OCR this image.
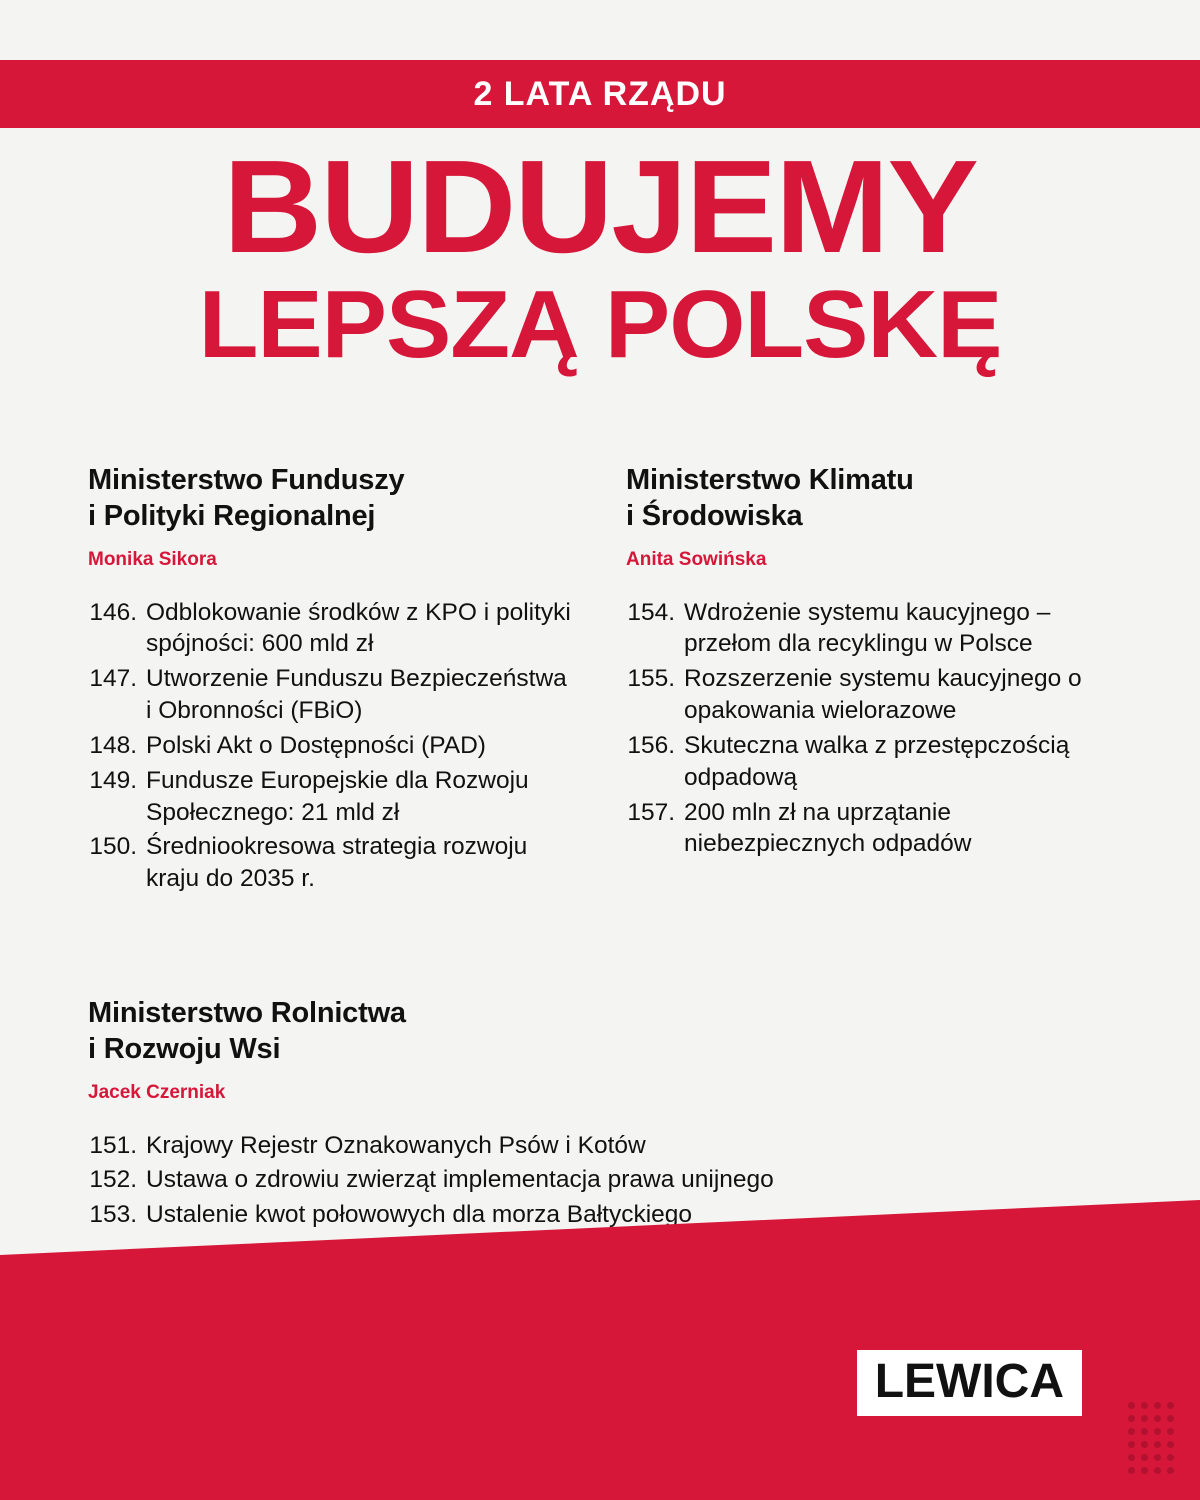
2 LATA RZĄDU
BUDUJEMY
LEPSZĄ POLSKĘ
Ministerstwo Funduszy
i Polityki Regionalnej
Monika Sikora
146. Odblokowanie środków z KPO i polityki spójności: 600 mld zł
147. Utworzenie Funduszu Bezpieczeństwa i Obronności (FBiO)
148. Polski Akt o Dostępności (PAD)
149. Fundusze Europejskie dla Rozwoju Społecznego: 21 mld zł
150. Średniookresowa strategia rozwoju kraju do 2035 r.
Ministerstwo Klimatu
i Środowiska
Anita Sowińska
154. Wdrożenie systemu kaucyjnego – przełom dla recyklingu w Polsce
155. Rozszerzenie systemu kaucyjnego o opakowania wielorazowe
156. Skuteczna walka z przestępczością odpadową
157. 200 mln zł na uprzątanie niebezpiecznych odpadów
Ministerstwo Rolnictwa
i Rozwoju Wsi
Jacek Czerniak
151. Krajowy Rejestr Oznakowanych Psów i Kotów
152. Ustawa o zdrowiu zwierząt implementacja prawa unijnego
153. Ustalenie kwot połowowych dla morza Bałtyckiego
LEWICA
